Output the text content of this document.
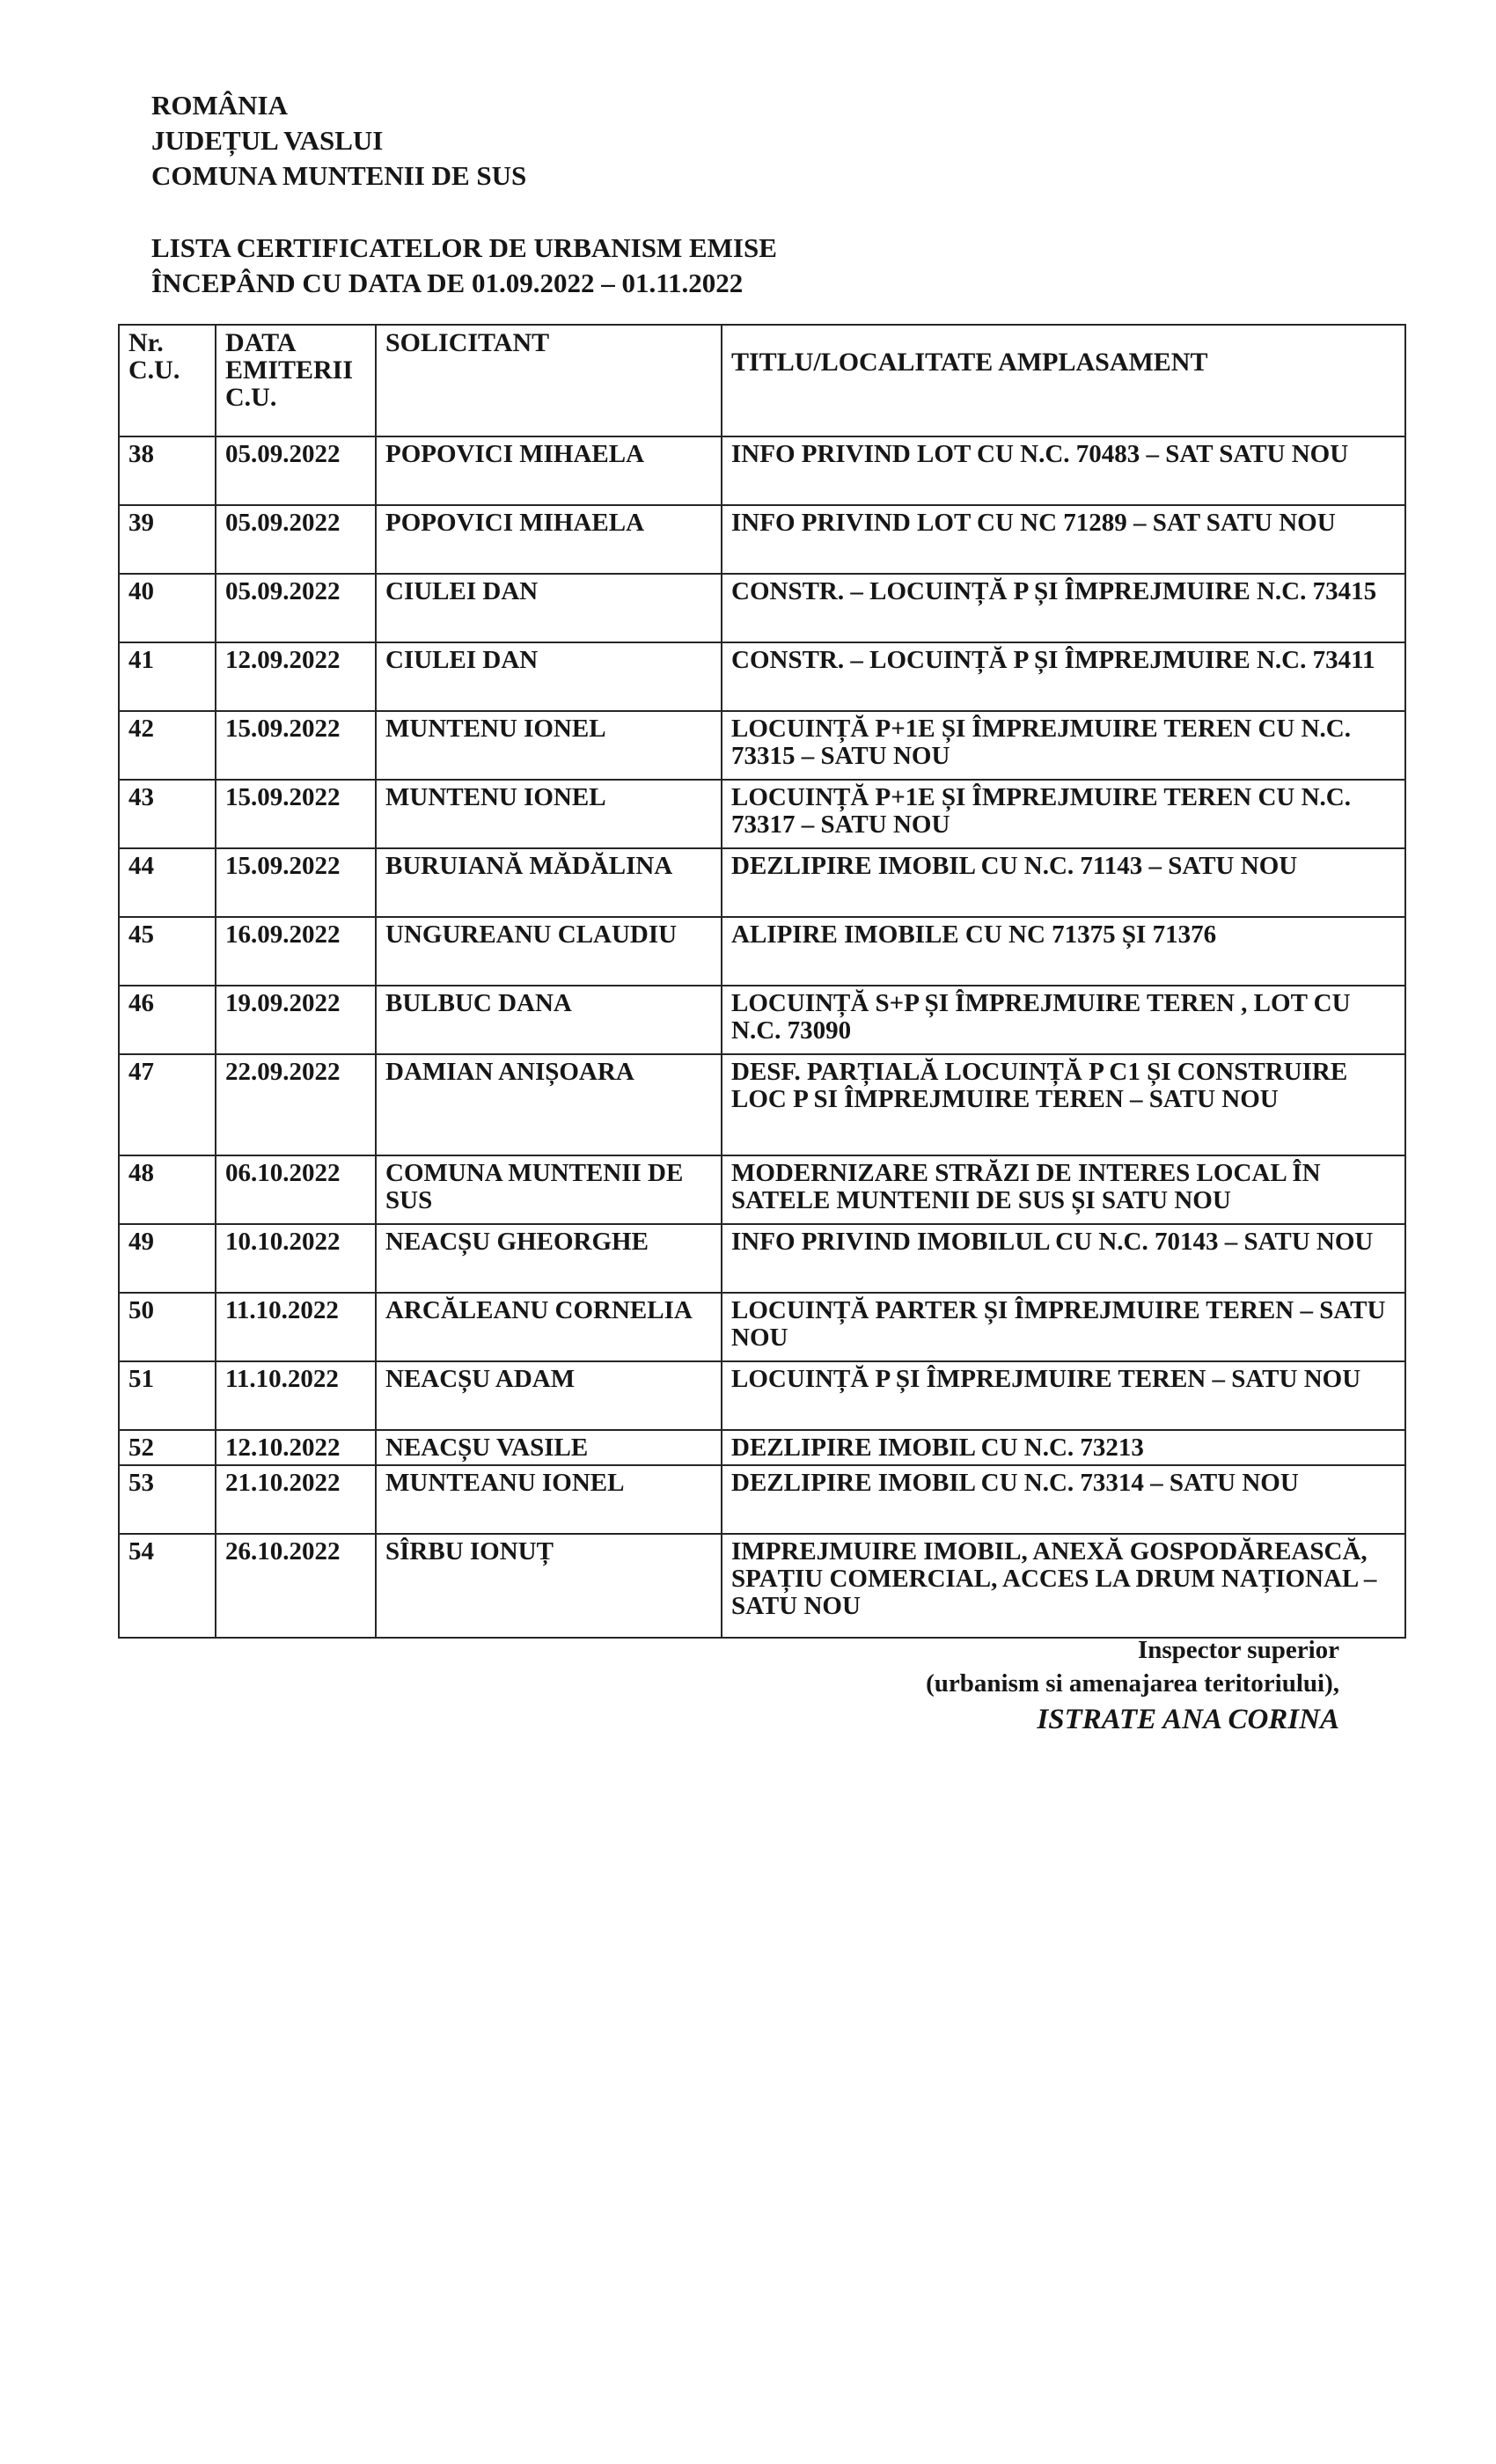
ROMÂNIA
JUDEȚUL VASLUI
COMUNA MUNTENII DE SUS
LISTA CERTIFICATELOR DE URBANISM EMISE
ÎNCEPÂND CU DATA DE 01.09.2022 – 01.11.2022
Nr. C.U.	DATA EMITERII C.U.	SOLICITANT	TITLU/LOCALITATE AMPLASAMENT
38	05.09.2022	POPOVICI MIHAELA	INFO PRIVIND LOT CU N.C. 70483 – SAT SATU NOU
39	05.09.2022	POPOVICI MIHAELA	INFO PRIVIND LOT CU NC 71289 – SAT SATU NOU
40	05.09.2022	CIULEI DAN	CONSTR. – LOCUINȚĂ P ȘI ÎMPREJMUIRE N.C. 73415
41	12.09.2022	CIULEI DAN	CONSTR. – LOCUINȚĂ P ȘI ÎMPREJMUIRE N.C. 73411
42	15.09.2022	MUNTENU IONEL	LOCUINȚĂ P+1E ȘI ÎMPREJMUIRE TEREN CU N.C. 73315 – SATU NOU
43	15.09.2022	MUNTENU IONEL	LOCUINȚĂ P+1E ȘI ÎMPREJMUIRE TEREN CU N.C. 73317 – SATU NOU
44	15.09.2022	BURUIANĂ MĂDĂLINA	DEZLIPIRE IMOBIL CU N.C. 71143 – SATU NOU
45	16.09.2022	UNGUREANU CLAUDIU	ALIPIRE IMOBILE CU NC 71375 ȘI 71376
46	19.09.2022	BULBUC DANA	LOCUINȚĂ S+P ȘI ÎMPREJMUIRE TEREN , LOT CU N.C. 73090
47	22.09.2022	DAMIAN ANIȘOARA	DESF. PARȚIALĂ LOCUINȚĂ P C1 ȘI CONSTRUIRE LOC P SI ÎMPREJMUIRE TEREN – SATU NOU
48	06.10.2022	COMUNA MUNTENII DE SUS	MODERNIZARE STRĂZI DE INTERES LOCAL ÎN SATELE MUNTENII DE SUS ȘI SATU NOU
49	10.10.2022	NEACȘU GHEORGHE	INFO PRIVIND IMOBILUL CU N.C. 70143 – SATU NOU
50	11.10.2022	ARCĂLEANU CORNELIA	LOCUINȚĂ PARTER ȘI ÎMPREJMUIRE TEREN – SATU NOU
51	11.10.2022	NEACȘU ADAM	LOCUINȚĂ P ȘI ÎMPREJMUIRE TEREN – SATU NOU
52	12.10.2022	NEACȘU VASILE	DEZLIPIRE IMOBIL CU N.C. 73213
53	21.10.2022	MUNTEANU IONEL	DEZLIPIRE IMOBIL CU N.C. 73314 – SATU NOU
54	26.10.2022	SÎRBU IONUȚ	IMPREJMUIRE IMOBIL, ANEXĂ GOSPODĂREASCĂ, SPAȚIU COMERCIAL, ACCES LA DRUM NAȚIONAL – SATU NOU
Inspector superior
(urbanism si amenajarea teritoriului),
ISTRATE ANA CORINA
